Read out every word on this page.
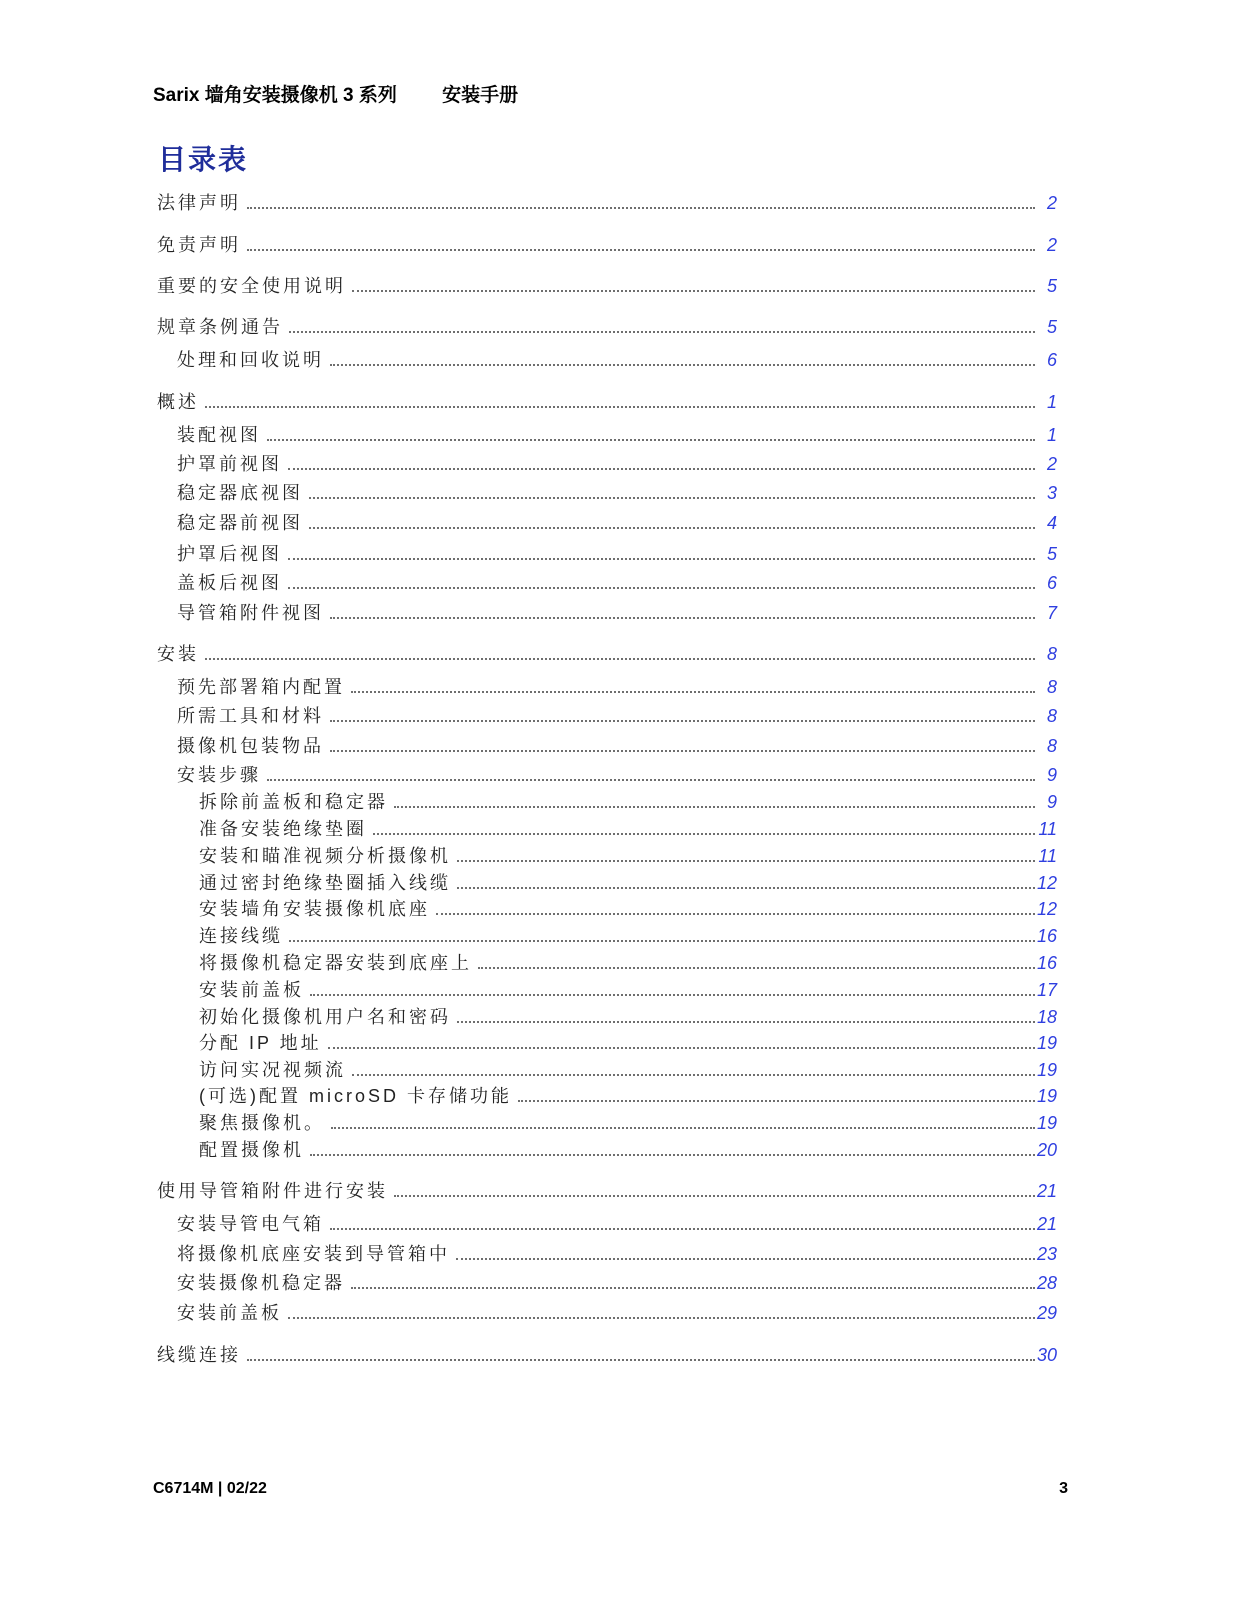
Sarix 墙角安装摄像机 3 系列 安装手册
目录表
法律声明	2
免责声明	2
重要的安全使用说明	5
规章条例通告	5
处理和回收说明	6
概述	1
装配视图	1
护罩前视图	2
稳定器底视图	3
稳定器前视图	4
护罩后视图	5
盖板后视图	6
导管箱附件视图	7
安装	8
预先部署箱内配置	8
所需工具和材料	8
摄像机包装物品	8
安装步骤	9
拆除前盖板和稳定器	9
准备安装绝缘垫圈	11
安装和瞄准视频分析摄像机	11
通过密封绝缘垫圈插入线缆	12
安装墙角安装摄像机底座	12
连接线缆	16
将摄像机稳定器安装到底座上	16
安装前盖板	17
初始化摄像机用户名和密码	18
分配 IP 地址	19
访问实况视频流	19
(可选)配置 microSD 卡存储功能	19
聚焦摄像机。	19
配置摄像机	20
使用导管箱附件进行安装	21
安装导管电气箱	21
将摄像机底座安装到导管箱中	23
安装摄像机稳定器	28
安装前盖板	29
线缆连接	30
C6714M | 02/22	3
